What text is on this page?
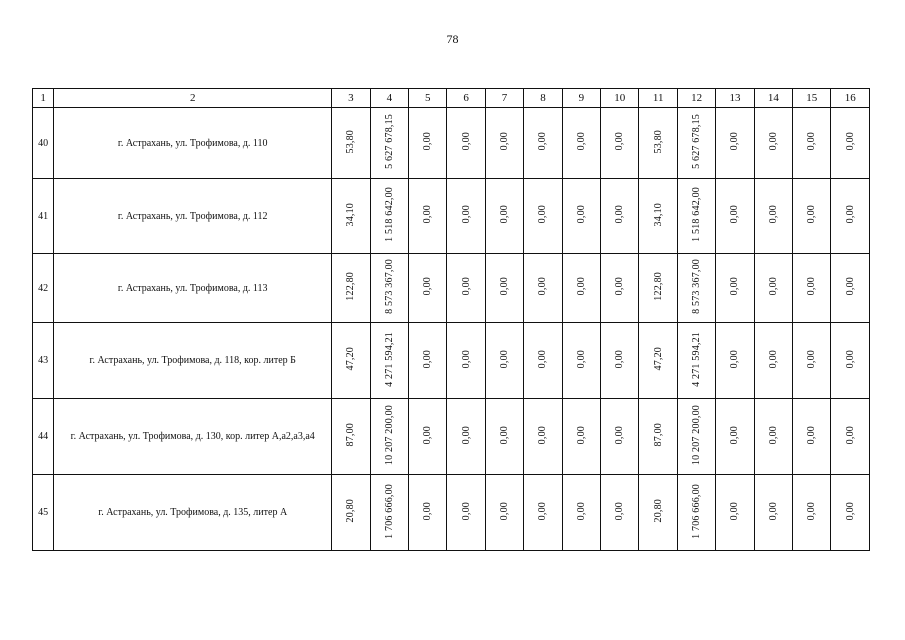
78
1	2	3	4	5	6	7	8	9	10	11	12	13	14	15	16
40	г. Астрахань, ул. Трофимова, д. 110	53,80	5 627 678,15	0,00	0,00	0,00	0,00	0,00	0,00	53,80	5 627 678,15	0,00	0,00	0,00	0,00
41	г. Астрахань, ул. Трофимова, д. 112	34,10	1 518 642,00	0,00	0,00	0,00	0,00	0,00	0,00	34,10	1 518 642,00	0,00	0,00	0,00	0,00
42	г. Астрахань, ул. Трофимова, д. 113	122,80	8 573 367,00	0,00	0,00	0,00	0,00	0,00	0,00	122,80	8 573 367,00	0,00	0,00	0,00	0,00
43	г. Астрахань, ул. Трофимова, д. 118, кор. литер Б	47,20	4 271 594,21	0,00	0,00	0,00	0,00	0,00	0,00	47,20	4 271 594,21	0,00	0,00	0,00	0,00
44	г. Астрахань, ул. Трофимова, д. 130, кор. литер А,а2,а3,а4	87,00	10 207 200,00	0,00	0,00	0,00	0,00	0,00	0,00	87,00	10 207 200,00	0,00	0,00	0,00	0,00
45	г. Астрахань, ул. Трофимова, д. 135, литер А	20,80	1 706 666,00	0,00	0,00	0,00	0,00	0,00	0,00	20,80	1 706 666,00	0,00	0,00	0,00	0,00
